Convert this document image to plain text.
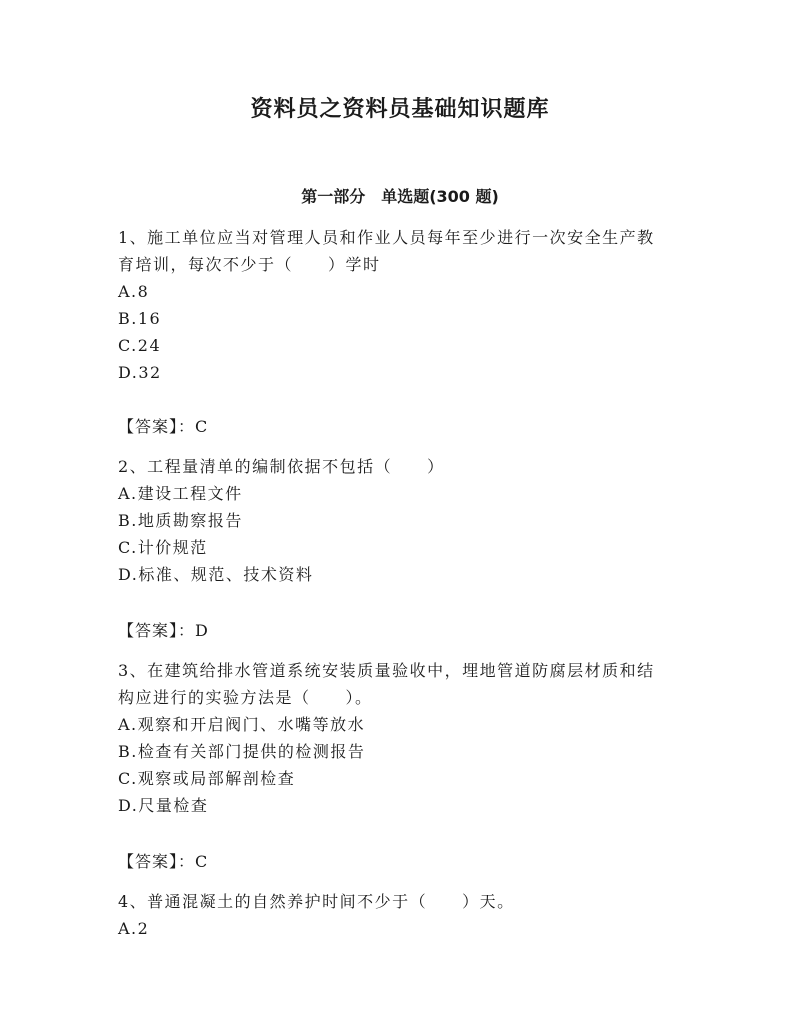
资料员之资料员基础知识题库
第一部分　单选题(300 题)
1、施工单位应当对管理人员和作业人员每年至少进行一次安全生产教
育培训，每次不少于（　　）学时
A.8
B.16
C.24
D.32
【答案】：C
2、工程量清单的编制依据不包括（　　）
A.建设工程文件
B.地质勘察报告
C.计价规范
D.标准、规范、技术资料
【答案】：D
3、在建筑给排水管道系统安装质量验收中，埋地管道防腐层材质和结
构应进行的实验方法是（　　）。
A.观察和开启阀门、水嘴等放水
B.检查有关部门提供的检测报告
C.观察或局部解剖检查
D.尺量检查
【答案】：C
4、普通混凝土的自然养护时间不少于（　　）天。
A.2
